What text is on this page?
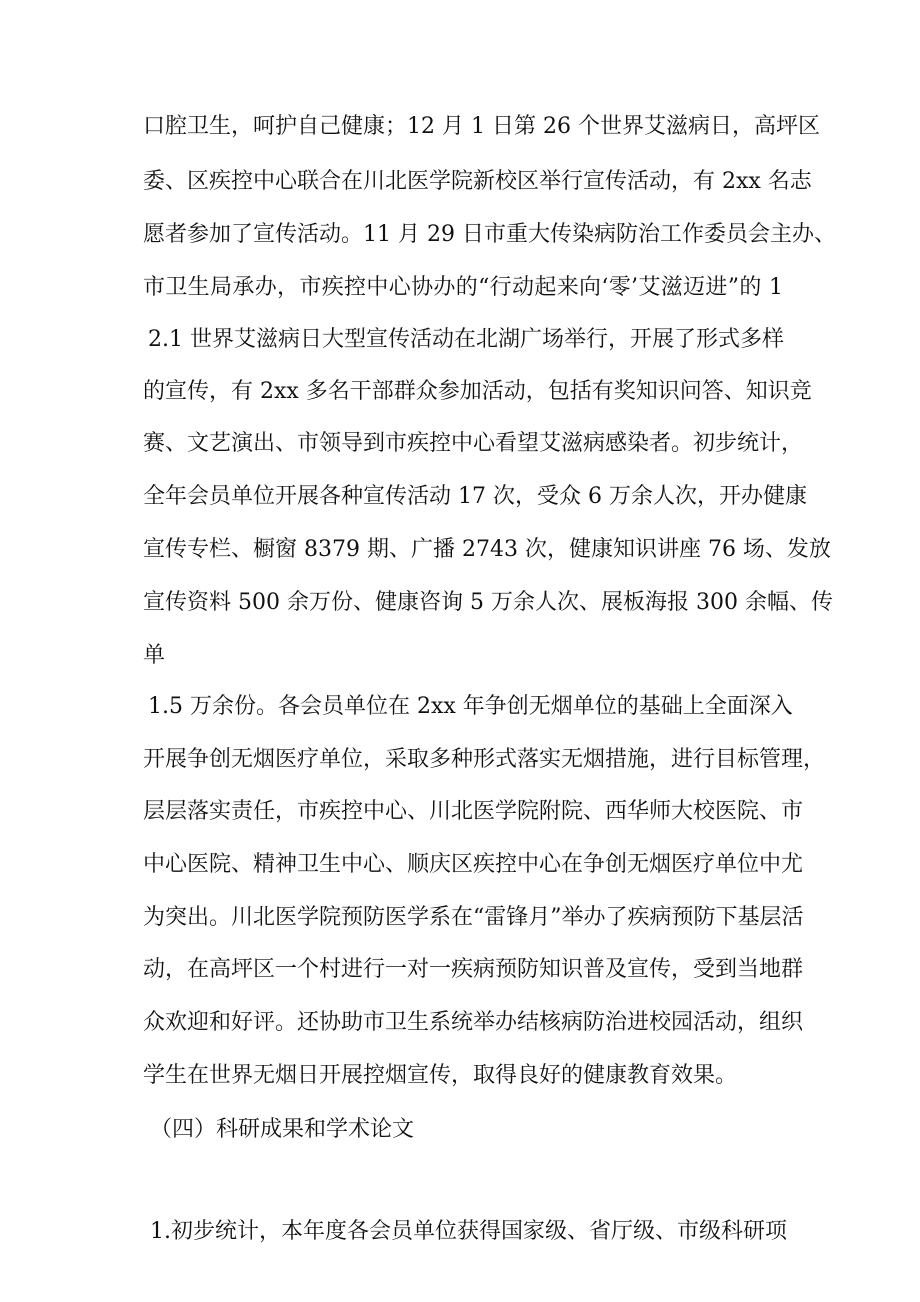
口腔卫生，呵护自己健康；12 月 1 日第 26 个世界艾滋病日，高坪区
委、区疾控中心联合在川北医学院新校区举行宣传活动，有 2xx 名志
愿者参加了宣传活动。11 月 29 日市重大传染病防治工作委员会主办、
市卫生局承办，市疾控中心协办的“行动起来向‘零’艾滋迈进”的 1
2.1 世界艾滋病日大型宣传活动在北湖广场举行，开展了形式多样
的宣传，有 2xx 多名干部群众参加活动，包括有奖知识问答、知识竞
赛、文艺演出、市领导到市疾控中心看望艾滋病感染者。初步统计，
全年会员单位开展各种宣传活动 17 次，受众 6 万余人次，开办健康
宣传专栏、橱窗 8379 期、广播 2743 次，健康知识讲座 76 场、发放
宣传资料 500 余万份、健康咨询 5 万余人次、展板海报 300 余幅、传
单
1.5 万余份。各会员单位在 2xx 年争创无烟单位的基础上全面深入
开展争创无烟医疗单位，采取多种形式落实无烟措施，进行目标管理，
层层落实责任，市疾控中心、川北医学院附院、西华师大校医院、市
中心医院、精神卫生中心、顺庆区疾控中心在争创无烟医疗单位中尤
为突出。川北医学院预防医学系在“雷锋月”举办了疾病预防下基层活
动，在高坪区一个村进行一对一疾病预防知识普及宣传，受到当地群
众欢迎和好评。还协助市卫生系统举办结核病防治进校园活动，组织
学生在世界无烟日开展控烟宣传，取得良好的健康教育效果。
（四）科研成果和学术论文
1.初步统计，本年度各会员单位获得国家级、省厅级、市级科研项
